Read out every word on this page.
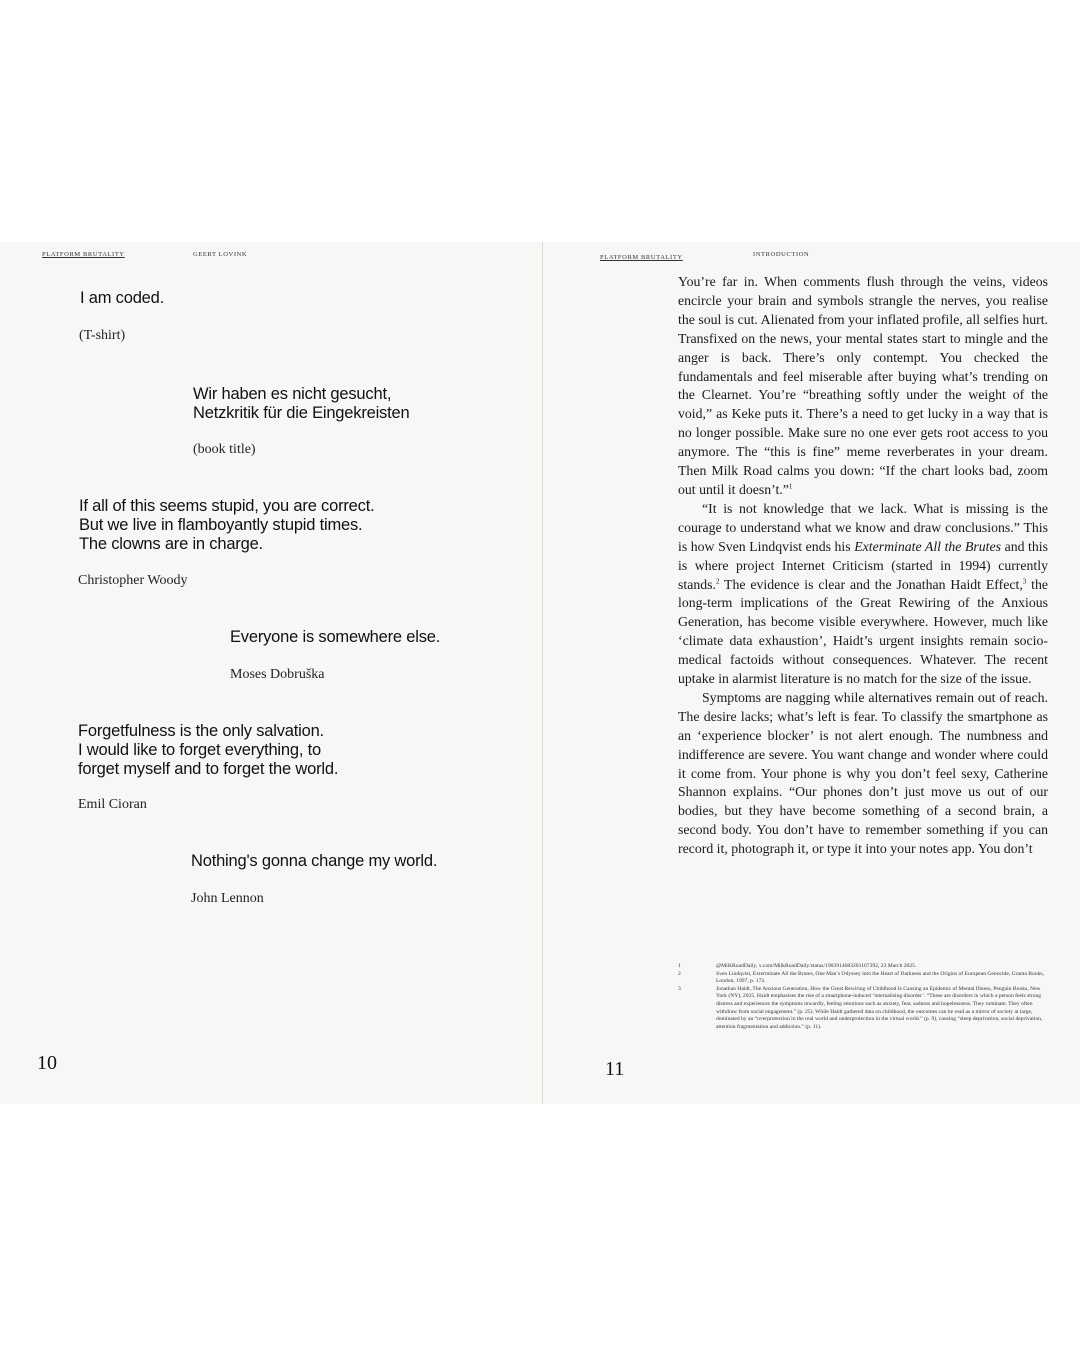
PLATFORM BRUTALITY	GEERT LOVINK
I am coded.
(T-shirt)
Wir haben es nicht gesucht,
Netzkritik für die Eingekreisten
(book title)
If all of this seems stupid, you are correct.
But we live in flamboyantly stupid times.
The clowns are in charge.
Christopher Woody
Everyone is somewhere else.
Moses Dobruška
Forgetfulness is the only salvation.
I would like to forget everything, to
forget myself and to forget the world.
Emil Cioran
Nothing's gonna change my world.
John Lennon
10
PLATFORM BRUTALITY	INTRODUCTION

You’re far in. When comments flush through the veins, videos encircle your brain and symbols strangle the nerves, you realise the soul is cut. Alienated from your inflated profile, all selfies hurt. Transfixed on the news, your mental states start to mingle and the anger is back. There’s only contempt. You checked the fundamentals and feel miserable after buying what’s trending on the Clearnet. You’re “breathing softly under the weight of the void,” as Keke puts it. There’s a need to get lucky in a way that is no longer possible. Make sure no one ever gets root access to you anymore. The “this is fine” meme reverberates in your dream. Then Milk Road calms you down: “If the chart looks bad, zoom out until it doesn’t.”$^1$

“It is not knowledge that we lack. What is missing is the courage to understand what we know and draw conclusions.” This is how Sven Lindqvist ends his Exterminate All the Brutes and this is where project Internet Criticism (started in 1994) currently stands.$^2$ The evidence is clear and the Jonathan Haidt Effect,$^3$ the long-term implications of the Great Rewiring of the Anxious Generation, has become visible everywhere. However, much like ‘climate data exhaustion’, Haidt’s urgent insights remain socio-medical factoids without consequences. Whatever. The recent uptake in alarmist literature is no match for the size of the issue.

Symptoms are nagging while alternatives remain out of reach. The desire lacks; what’s left is fear. To classify the smartphone as an ‘experience blocker’ is not alert enough. The numbness and indifference are severe. You want change and wonder where could it come from. Your phone is why you don’t feel sexy, Catherine Shannon explains. “Our phones don’t just move us out of our bodies, but they have become something of a second brain, a second body. You don’t have to remember something if you can record it, photograph it, or type it into your notes app. You don’t

1	@MilkRoadDaily, x.com/MilkRoadDaily/status/1903914683201167392, 23 March 2025.
2	Sven Lindqvist, Exterminate All the Brutes, One Man’s Odyssey into the Heart of Darkness and the Origins of European Genocide, Granta Books, London, 1997, p. 172.
3	Jonathan Haidt, The Anxious Generation, How the Great Rewiring of Childhood Is Causing an Epidemic of Mental Illness, Penguin Books, New York (NY), 2025. Haidt emphasises the rise of a smartphone-induced ‘internalising disorder’. “These are disorders in which a person feels strong distress and experiences the symptoms inwardly, feeling emotions such as anxiety, fear, sadness and hopelessness. They ruminate. They often withdraw from social engagement.” (p. 25). While Haidt gathered data on childhood, the outcomes can be read as a mirror of society at large, dominated by an “overprotection in the real world and underprotection in the virtual world.” (p. 9), causing “sleep deprivation, social deprivation, attention fragmentation and addiction.” (p. 11).
11
